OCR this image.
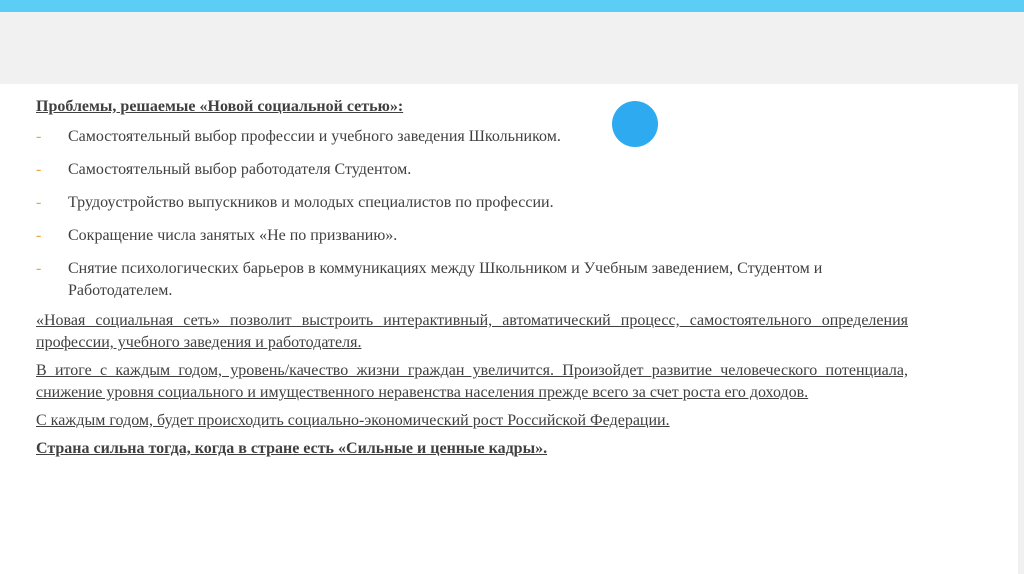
Проблемы, решаемые «Новой социальной сетью»:

- Самостоятельный выбор профессии и учебного заведения Школьником.
- Самостоятельный выбор работодателя Студентом.
- Трудоустройство выпускников и молодых специалистов по профессии.
- Сокращение числа занятых «Не по призванию».
- Снятие психологических барьеров в коммуникациях между Школьником и Учебным заведением, Студентом и Работодателем.

«Новая социальная сеть» позволит выстроить интерактивный, автоматический процесс, самостоятельного определения профессии, учебного заведения и работодателя.

В итоге с каждым годом, уровень/качество жизни граждан увеличится. Произойдет развитие человеческого потенциала, снижение уровня социального и имущественного неравенства населения прежде всего за счет роста его доходов.

С каждым годом, будет происходить социально-экономический рост Российской Федерации.

Страна сильна тогда, когда в стране есть «Сильные и ценные кадры».
